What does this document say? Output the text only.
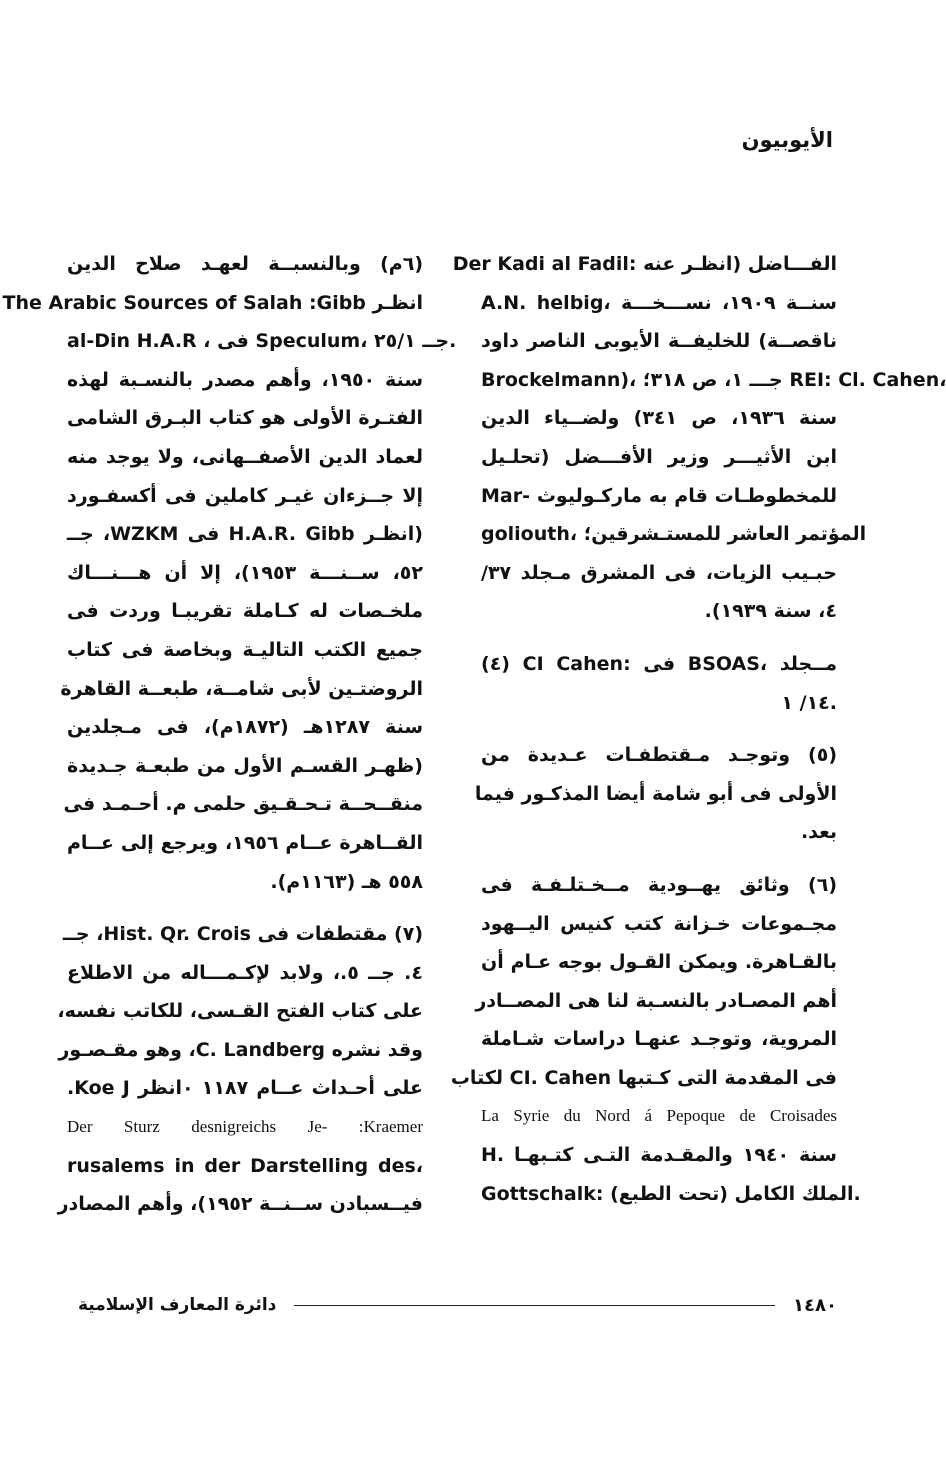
الأيوبيون
الفـــاضل (انظـر عنه :Der Kadi al Fadil
A.N. helbig، سنــة ١٩٠٩، نســـخـــة
ناقصــة) للخليفــة الأيوبى الناصر داود
Brockelmann)، جـــ ١، ص ٣١٨؛ REI: Cl. Cahen،
سنة ١٩٣٦، ص ٣٤١) ولضــياء الدين
ابن الأثيـــر وزير الأفـــضل (تحلـيل
للمخطوطـات قام به ماركـوليوث -Mar
goliouth، المؤتمر العاشر للمستـشرقين؛
حبـيب الزيات، فى المشرق مـجلد ٣٧/
٤، سنة ١٩٣٩).
(٤) CI Cahen: فى BSOAS، مــجلد
١٤/ ١.
(٥) وتوجـد مـقتطفـات عـديدة من
الأولى فى أبو شامة أيضا المذكـور فيما
بعد.
(٦) وثائق يهــودية مــخـتلـفـة فى
مجـموعات خـزانة كتب كنيس اليــهود
بالقـاهرة. ويمكن القـول بوجه عـام أن
أهم المصـادر بالنسـبة لنا هى المصــادر
المروية، وتوجـد عنهـا دراسات شـاملة
فى المقدمة التى كـتبها CI. Cahen لكتاب
La Syrie du Nord á Pepoque de Croisades
سنة ١٩٤٠ والمقـدمة التـى كتـبهـا .H
Gottschalk: الملك الكامل (تحت الطبع).
(٦م) وبالنسبــة لعهـد صلاح الدين
انظـر The Arabic Sources of Salah :Gibb
al-Din H.A.R ، فى Speculum، جــ ٢٥/١.
سنة ١٩٥٠، وأهم مصدر بالنسـبة لهذه
الفتـرة الأولى هو كتاب البـرق الشامى
لعماد الدين الأصفــهانى، ولا يوجد منه
إلا جــزءان غيـر كاملين فى أكسفـورد
(انظـر H.A.R. Gibb فى WZKM، جــ
٥٢، ســنـــة ١٩٥٣)، إلا أن هـــنـــاك
ملخـصات له كـاملة تقريبـا وردت فى
جميع الكتب التاليـة وبخاصة فى كتاب
الروضتـين لأبى شامــة، طبعــة القاهرة
سنة ١٢٨٧هـ (١٨٧٢م)، فى مـجلدين
(ظهـر القسـم الأول من طبعـة جـديدة
منقــحــة تـحـقـيق حلمى م. أحـمـد فى
القــاهرة عــام ١٩٥٦، ويرجع إلى عــام
٥٥٨ هـ (١١٦٣م).
(٧) مقتطفات فى Hist. Qr. Crois، جــ
٤. جــ ٥.، ولابد لإكـمـــاله من الاطلاع
على كتاب الفتح القـسى، للكاتب نفسه،
وقد نشره C. Landberg، وهو مقـصـور
على أحـداث عــام ١١٨٧ ٠انظر Koe J.
Der Sturz desnigreichs Je- :Kraemer
rusalems in der Darstelling des،
فيــسبادن ســنــة ١٩٥٢)، وأهم المصادر
١٤٨٠
دائرة المعارف الإسلامية
